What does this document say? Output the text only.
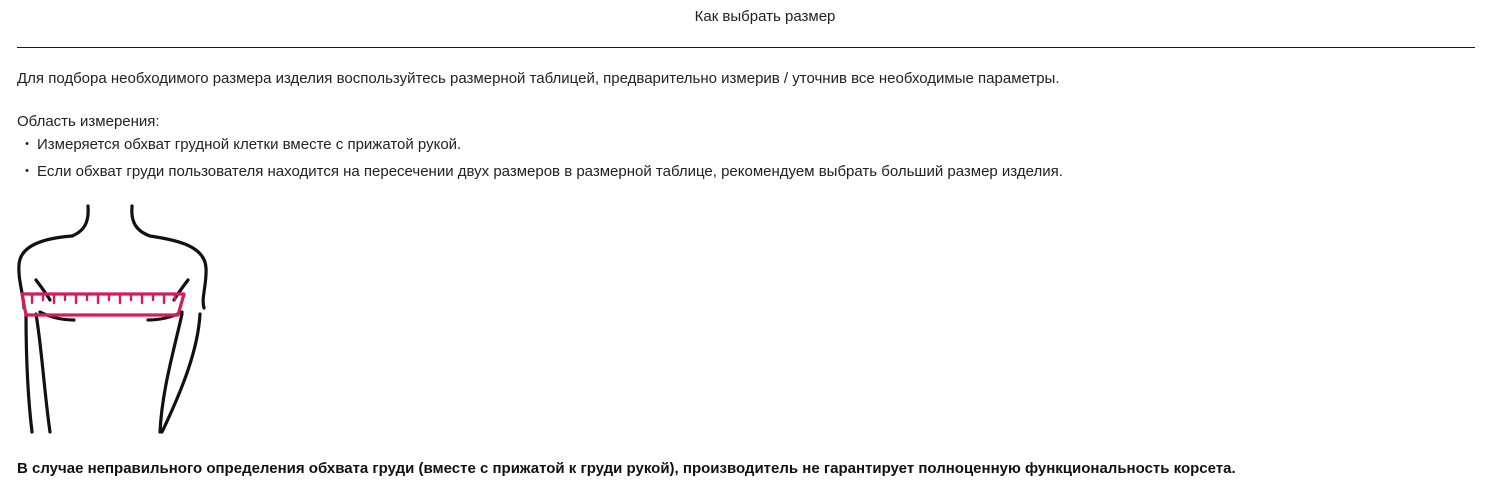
Как выбрать размер
Для подбора необходимого размера изделия воспользуйтесь размерной таблицей, предварительно измерив / уточнив все необходимые параметры.
Область измерения:
• Измеряется обхват грудной клетки вместе с прижатой рукой.
• Если обхват груди пользователя находится на пересечении двух размеров в размерной таблице, рекомендуем выбрать больший размер изделия.
В случае неправильного определения обхвата груди (вместе с прижатой к груди рукой), производитель не гарантирует полноценную функциональность корсета.
